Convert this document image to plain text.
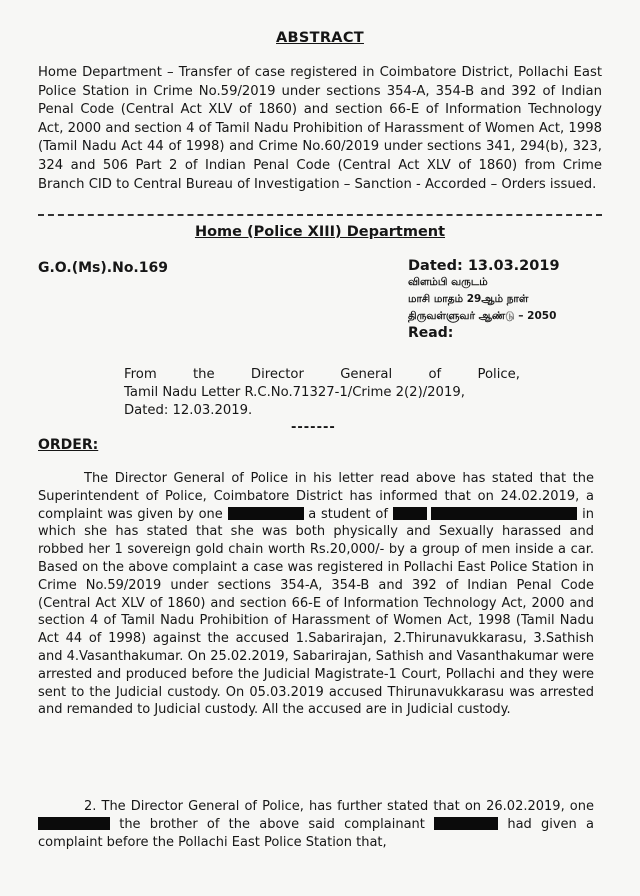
ABSTRACT
Home Department – Transfer of case registered in Coimbatore District, Pollachi East Police Station in Crime No.59/2019 under sections 354-A, 354-B and 392 of Indian Penal Code (Central Act XLV of 1860) and section 66-E of Information Technology Act, 2000 and section 4 of Tamil Nadu Prohibition of Harassment of Women Act, 1998 (Tamil Nadu Act 44 of 1998) and Crime No.60/2019 under sections 341, 294(b), 323, 324 and 506 Part 2 of Indian Penal Code (Central Act XLV of 1860) from Crime Branch CID to Central Bureau of Investigation – Sanction - Accorded – Orders issued.
Home (Police XIII) Department
G.O.(Ms).No.169	Dated: 13.03.2019
விளம்பி வருடம்
மாசி மாதம் 29ஆம் நாள்
திருவள்ளுவர் ஆண்டு – 2050
Read:
From	the	Director	General	of	Police,
Tamil Nadu Letter R.C.No.71327-1/Crime 2(2)/2019,
Dated: 12.03.2019.
-------
ORDER:
The Director General of Police in his letter read above has stated that the Superintendent of Police, Coimbatore District has informed that on 24.02.2019, a complaint was given by one	a student of	in which she has stated that she was both physically and Sexually harassed and robbed her 1 sovereign gold chain worth Rs.20,000/- by a group of men inside a car. Based on the above complaint a case was registered in Pollachi East Police Station in Crime No.59/2019 under sections 354-A, 354-B and 392 of Indian Penal Code (Central Act XLV of 1860) and section 66-E of Information Technology Act, 2000 and section 4 of Tamil Nadu Prohibition of Harassment of Women Act, 1998 (Tamil Nadu Act 44 of 1998) against the accused 1.Sabarirajan, 2.Thirunavukkarasu, 3.Sathish and 4.Vasanthakumar. On 25.02.2019, Sabarirajan, Sathish and Vasanthakumar were arrested and produced before the Judicial Magistrate-1 Court, Pollachi and they were sent to the Judicial custody. On 05.03.2019 accused Thirunavukkarasu was arrested and remanded to Judicial custody. All the accused are in Judicial custody.
2. The Director General of Police, has further stated that on 26.02.2019, one  the brother of the above said complainant	had given a complaint before the Pollachi East Police Station that,
